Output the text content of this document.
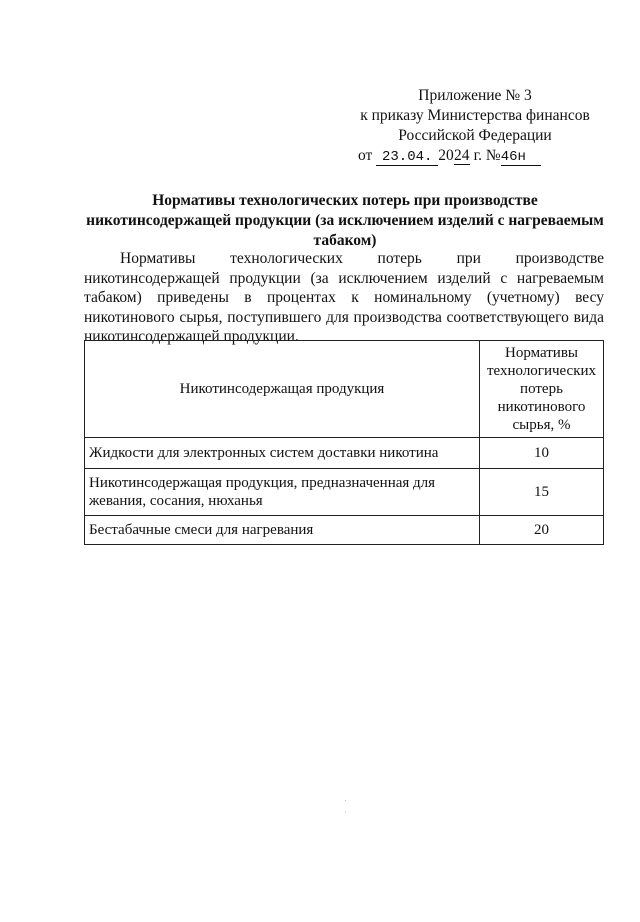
Приложение № 3
к приказу Министерства финансов
Российской Федерации
от 23.04. 2024 г. №46н
Нормативы технологических потерь при производстве никотинсодержащей продукции (за исключением изделий с нагреваемым табаком)
Нормативы технологических потерь при производстве никотинсодержащей продукции (за исключением изделий с нагреваемым табаком) приведены в процентах к номинальному (учетному) весу никотинового сырья, поступившего для производства соответствующего вида никотинсодержащей продукции.
Никотинсодержащая продукция	Нормативы технологических потерь никотинового сырья, %
Жидкости для электронных систем доставки никотина	10
Никотинсодержащая продукция, предназначенная для жевания, сосания, нюханья	15
Бестабачные смеси для нагревания	20
